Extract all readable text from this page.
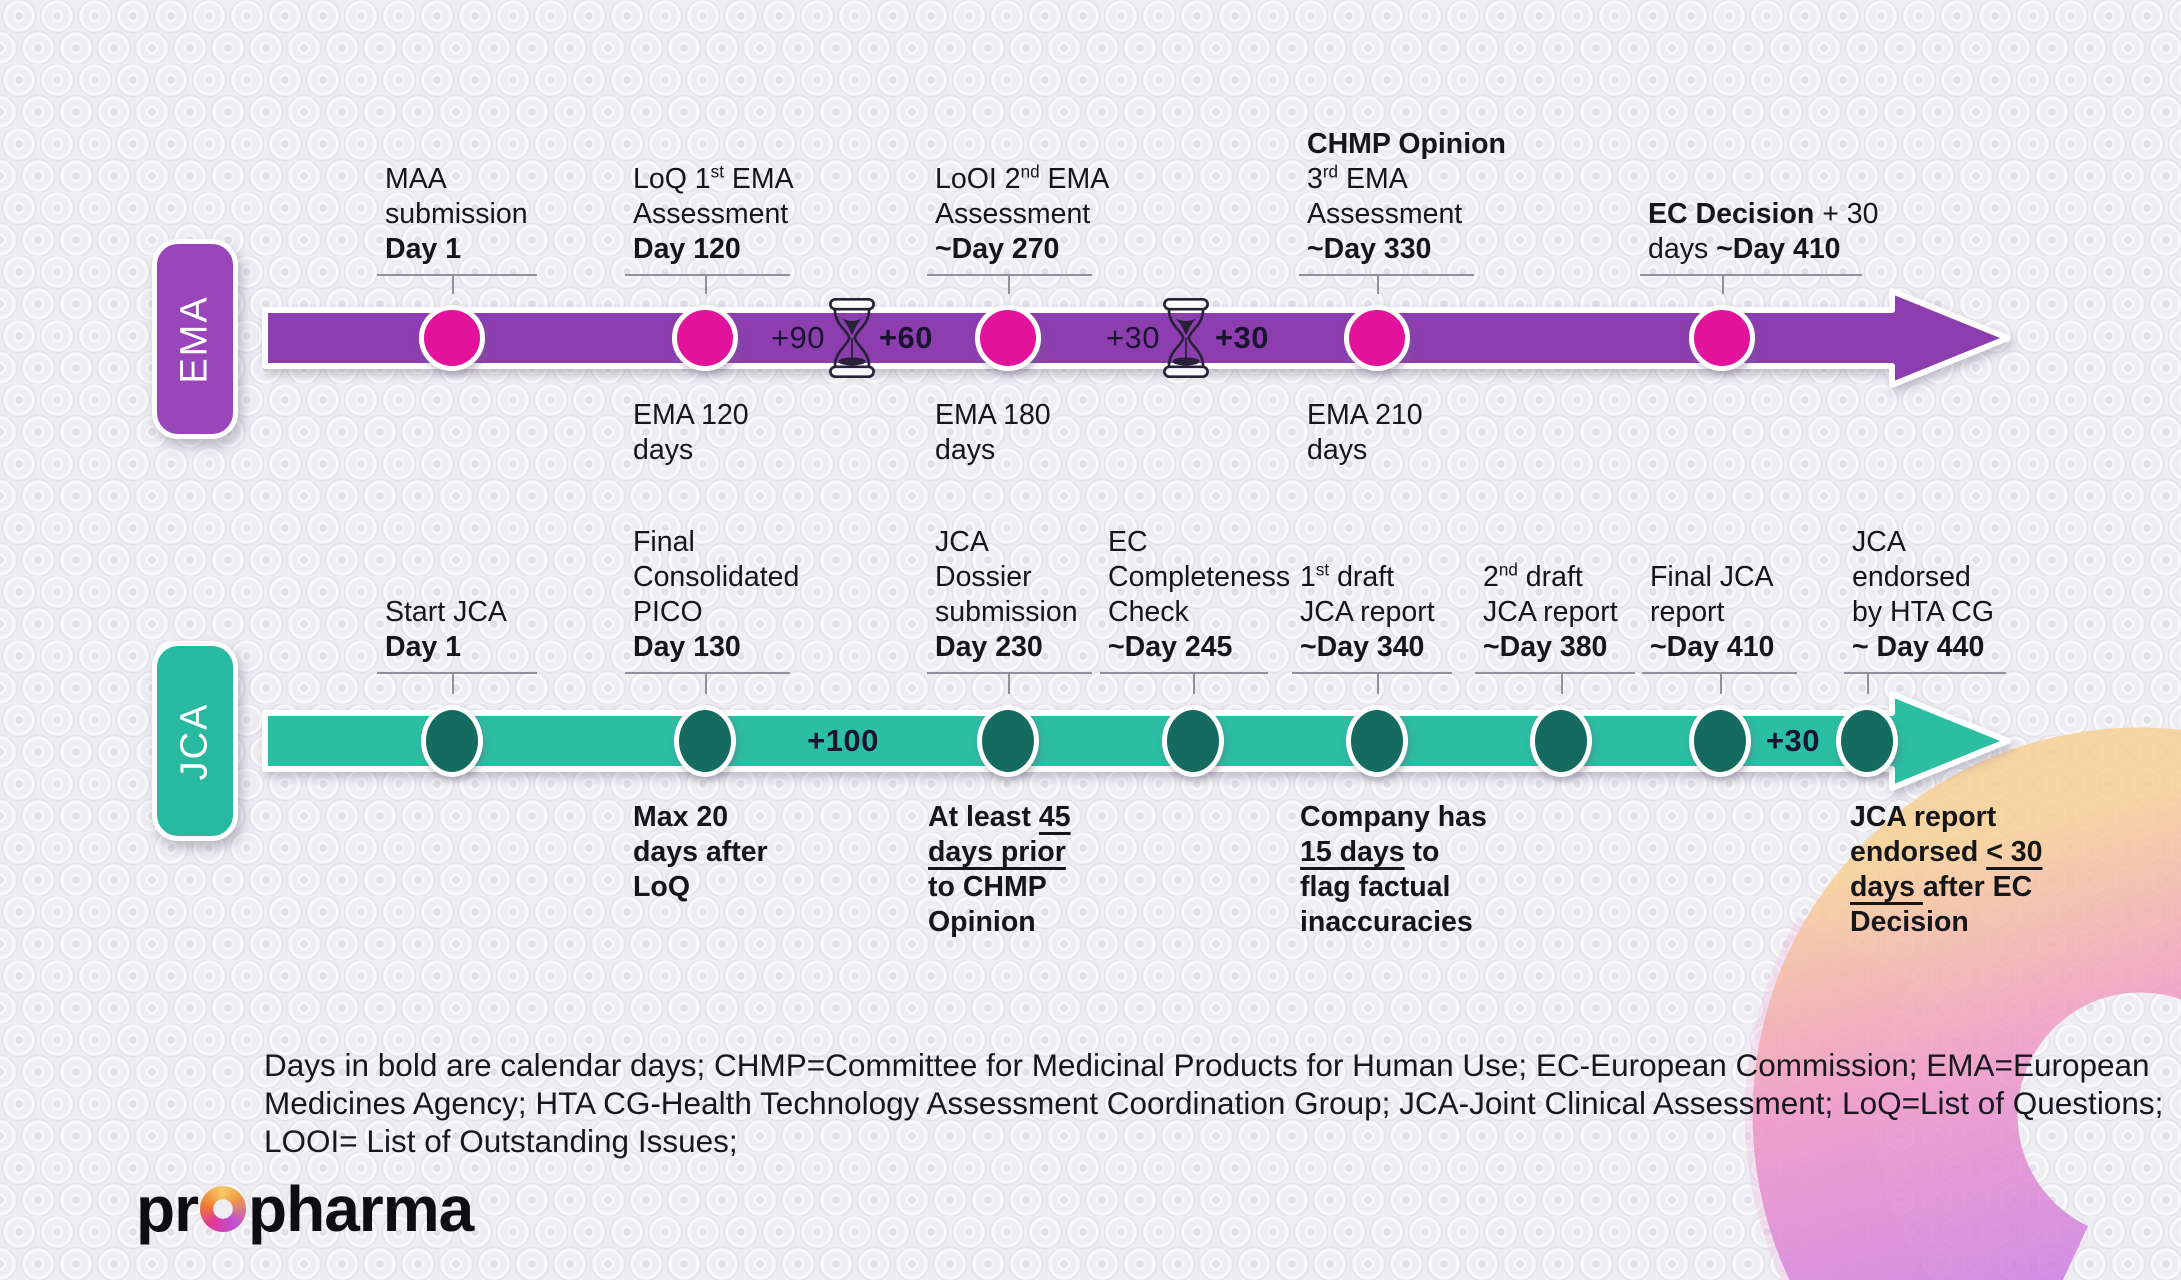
EMA
MAA
submission
Day 1
LoQ 1st EMA
Assessment
Day 120
LoOI 2nd EMA
Assessment
~Day 270
CHMP Opinion
3rd EMA
Assessment
~Day 330
EC Decision + 30
days ~Day 410
+90 +60	+30 +30
EMA 120
days
EMA 180
days
EMA 210
days
JCA
Start JCA
Day 1
Final
Consolidated
PICO
Day 130
JCA
Dossier
submission
Day 230
EC
Completeness
Check
~Day 245
1st draft
JCA report
~Day 340
2nd draft
JCA report
~Day 380
Final JCA
report
~Day 410
JCA
endorsed
by HTA CG
~ Day 440
+100	+30
Max 20
days after
LoQ
At least 45
days prior
to CHMP
Opinion
Company has
15 days to
flag factual
inaccuracies
JCA report
endorsed < 30
days after EC
Decision
Days in bold are calendar days; CHMP=Committee for Medicinal Products for Human Use; EC-European Commission; EMA=European
Medicines Agency; HTA CG-Health Technology Assessment Coordination Group; JCA-Joint Clinical Assessment; LoQ=List of Questions;
LOOI= List of Outstanding Issues;
pr pharma
